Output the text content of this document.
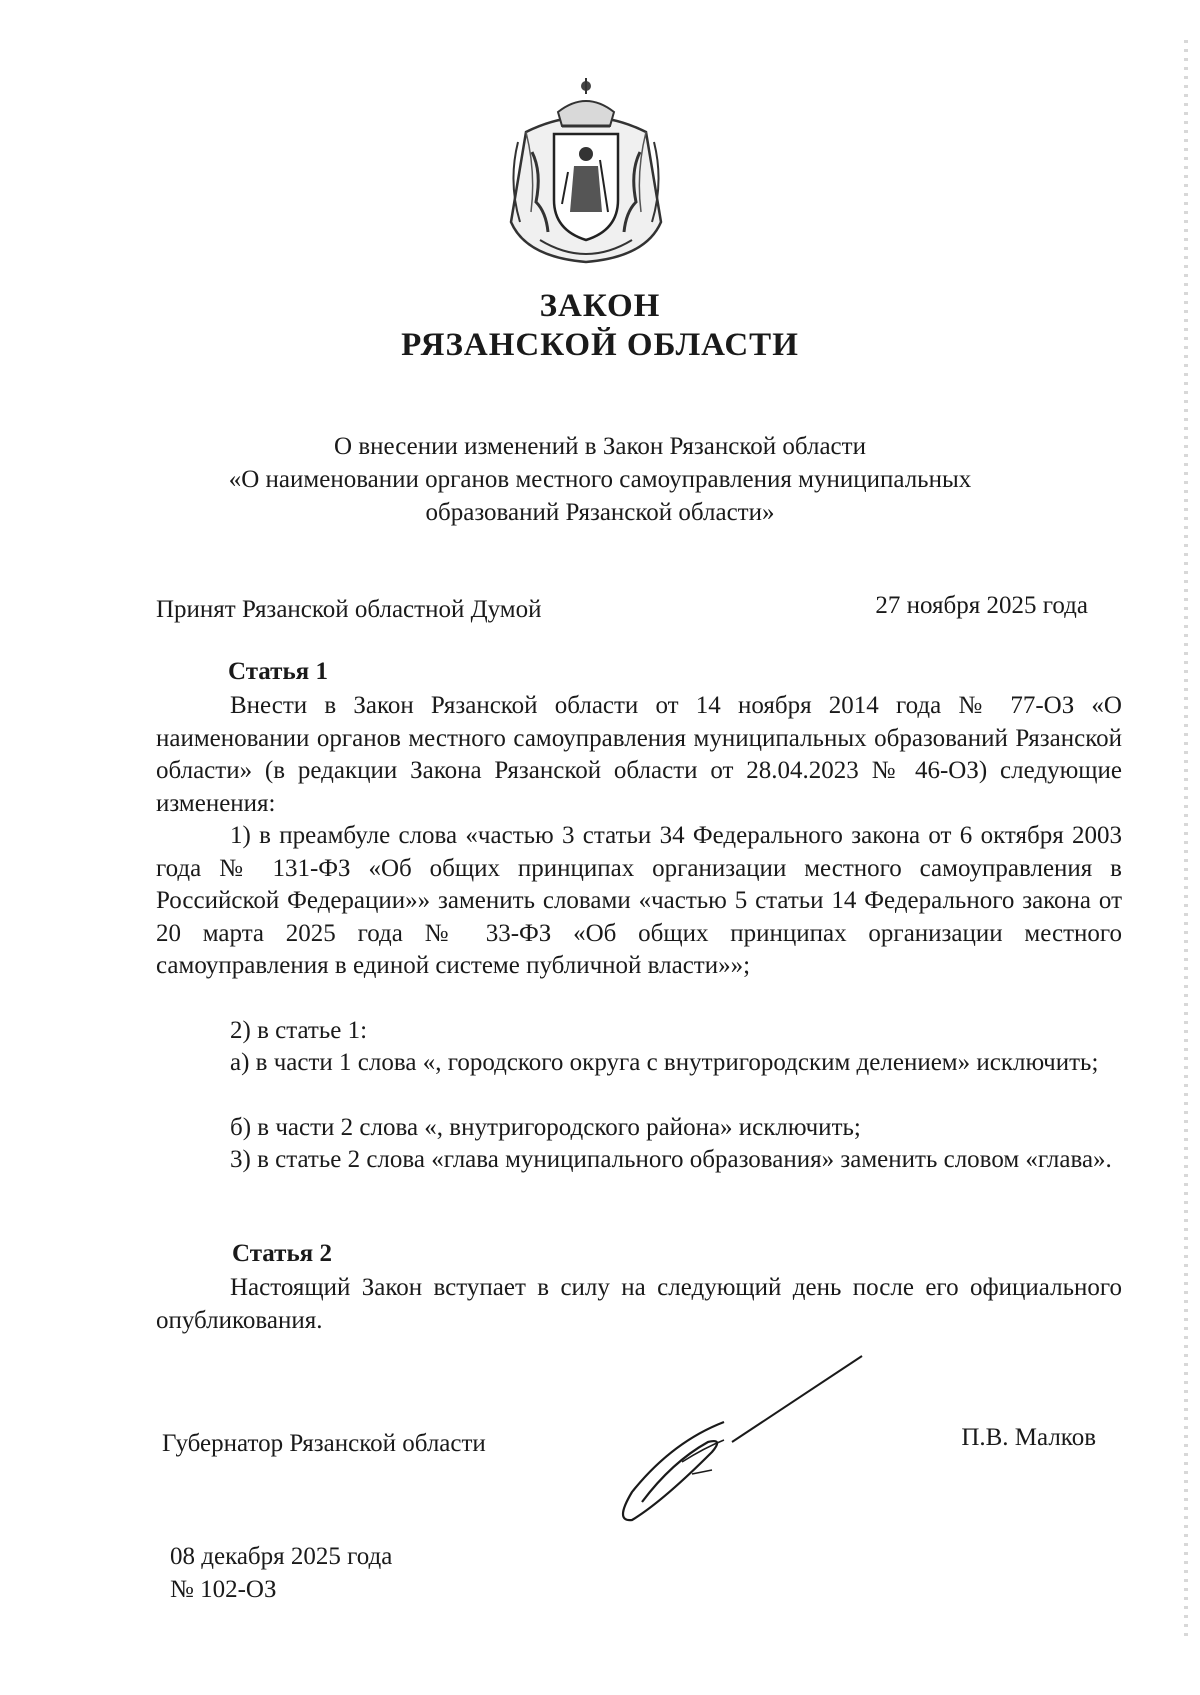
ЗАКОН
РЯЗАНСКОЙ ОБЛАСТИ
О внесении изменений в Закон Рязанской области
«О наименовании органов местного самоуправления муниципальных
образований Рязанской области»
Принят Рязанской областной Думой	27 ноября 2025 года
Статья 1
Внести в Закон Рязанской области от 14 ноября 2014 года № 77-ОЗ «О наименовании органов местного самоуправления муниципальных образований Рязанской области» (в редакции Закона Рязанской области от 28.04.2023 № 46-ОЗ) следующие изменения:
1) в преамбуле слова «частью 3 статьи 34 Федерального закона от 6 октября 2003 года № 131-ФЗ «Об общих принципах организации местного самоуправления в Российской Федерации»» заменить словами «частью 5 статьи 14 Федерального закона от 20 марта 2025 года № 33-ФЗ «Об общих принципах организации местного самоуправления в единой системе публичной власти»»;
2) в статье 1:
а) в части 1 слова «, городского округа с внутригородским делением» исключить;
б) в части 2 слова «, внутригородского района» исключить;
3) в статье 2 слова «глава муниципального образования» заменить словом «глава».
Статья 2
Настоящий Закон вступает в силу на следующий день после его официального опубликования.
Губернатор Рязанской области	П.В. Малков
08 декабря 2025 года
№ 102-ОЗ
